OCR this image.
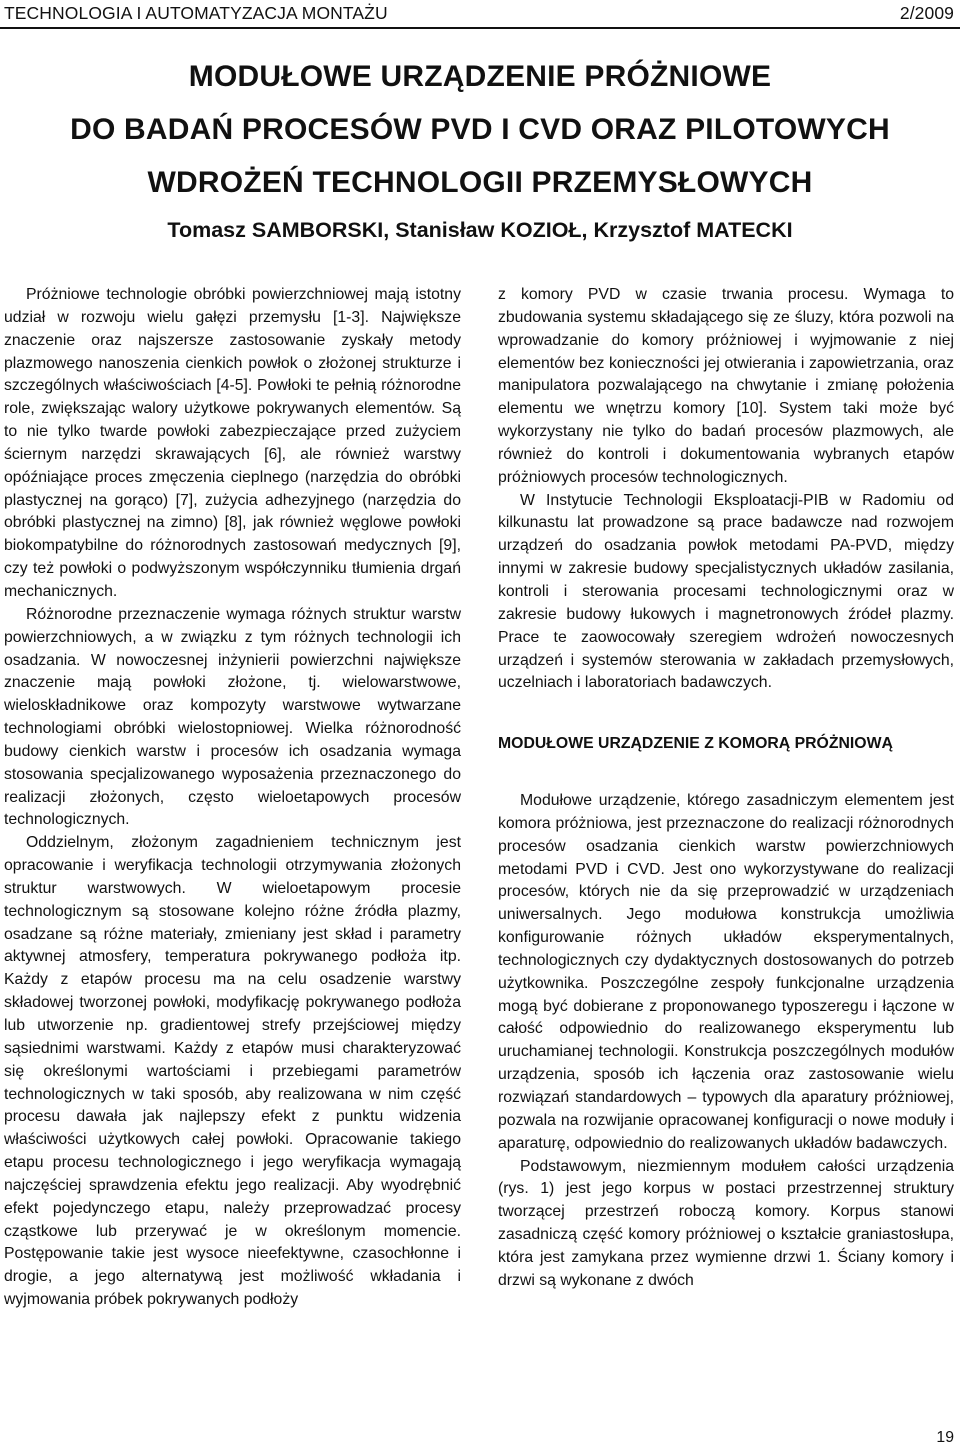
TECHNOLOGIA I AUTOMATYZACJA MONTAŻU	2/2009
MODUŁOWE URZĄDZENIE PRÓŻNIOWE
DO BADAŃ PROCESÓW PVD I CVD ORAZ PILOTOWYCH
WDROŻEŃ TECHNOLOGII PRZEMYSŁOWYCH
Tomasz SAMBORSKI, Stanisław KOZIOŁ, Krzysztof MATECKI

Próżniowe technologie obróbki powierzchniowej mają istotny udział w rozwoju wielu gałęzi przemysłu [1-3]. Największe znaczenie oraz najszersze zastosowanie zyskały metody plazmowego nanoszenia cienkich powłok o złożonej strukturze i szczególnych właściwościach [4-5]. Powłoki te pełnią różnorodne role, zwiększając walory użytkowe pokrywanych elementów. Są to nie tylko twarde powłoki zabezpieczające przed zużyciem ściernym narzędzi skrawających [6], ale również warstwy opóźniające proces zmęczenia cieplnego (narzędzia do obróbki plastycznej na gorąco) [7], zużycia adhezyjnego (narzędzia do obróbki plastycznej na zimno) [8], jak również węglowe powłoki biokompatybilne do różnorodnych zastosowań medycznych [9], czy też powłoki o podwyższonym współczynniku tłumienia drgań mechanicznych.

Różnorodne przeznaczenie wymaga różnych struktur warstw powierzchniowych, a w związku z tym różnych technologii ich osadzania. W nowoczesnej inżynierii powierzchni największe znaczenie mają powłoki złożone, tj. wielowarstwowe, wieloskładnikowe oraz kompozyty warstwowe wytwarzane technologiami obróbki wielostopniowej. Wielka różnorodność budowy cienkich warstw i procesów ich osadzania wymaga stosowania specjalizowanego wyposażenia przeznaczonego do realizacji złożonych, często wieloetapowych procesów technologicznych.

Oddzielnym, złożonym zagadnieniem technicznym jest opracowanie i weryfikacja technologii otrzymywania złożonych struktur warstwowych. W wieloetapowym procesie technologicznym są stosowane kolejno różne źródła plazmy, osadzane są różne materiały, zmieniany jest skład i parametry aktywnej atmosfery, temperatura pokrywanego podłoża itp. Każdy z etapów procesu ma na celu osadzenie warstwy składowej tworzonej powłoki, modyfikację pokrywanego podłoża lub utworzenie np. gradientowej strefy przejściowej między sąsiednimi warstwami. Każdy z etapów musi charakteryzować się określonymi wartościami i przebiegami parametrów technologicznych w taki sposób, aby realizowana w nim część procesu dawała jak najlepszy efekt z punktu widzenia właściwości użytkowych całej powłoki. Opracowanie takiego etapu procesu technologicznego i jego weryfikacja wymagają najczęściej sprawdzenia efektu jego realizacji. Aby wyodrębnić efekt pojedynczego etapu, należy przeprowadzać procesy cząstkowe lub przerywać je w określonym momencie. Postępowanie takie jest wysoce nieefektywne, czasochłonne i drogie, a jego alternatywą jest możliwość wkładania i wyjmowania próbek pokrywanych podłoży

z komory PVD w czasie trwania procesu. Wymaga to zbudowania systemu składającego się ze śluzy, która pozwoli na wprowadzanie do komory próżniowej i wyjmowanie z niej elementów bez konieczności jej otwierania i zapowietrzania, oraz manipulatora pozwalającego na chwytanie i zmianę położenia elementu we wnętrzu komory [10]. System taki może być wykorzystany nie tylko do badań procesów plazmowych, ale również do kontroli i dokumentowania wybranych etapów próżniowych procesów technologicznych.

W Instytucie Technologii Eksploatacji-PIB w Radomiu od kilkunastu lat prowadzone są prace badawcze nad rozwojem urządzeń do osadzania powłok metodami PA-PVD, między innymi w zakresie budowy specjalistycznych układów zasilania, kontroli i sterowania procesami technologicznymi oraz w zakresie budowy łukowych i magnetronowych źródeł plazmy. Prace te zaowocowały szeregiem wdrożeń nowoczesnych urządzeń i systemów sterowania w zakładach przemysłowych, uczelniach i laboratoriach badawczych.

MODUŁOWE URZĄDZENIE Z KOMORĄ PRÓŻNIOWĄ

Modułowe urządzenie, którego zasadniczym elementem jest komora próżniowa, jest przeznaczone do realizacji różnorodnych procesów osadzania cienkich warstw powierzchniowych metodami PVD i CVD. Jest ono wykorzystywane do realizacji procesów, których nie da się przeprowadzić w urządzeniach uniwersalnych. Jego modułowa konstrukcja umożliwia konfigurowanie różnych układów eksperymentalnych, technologicznych czy dydaktycznych dostosowanych do potrzeb użytkownika. Poszczególne zespoły funkcjonalne urządzenia mogą być dobierane z proponowanego typoszeregu i łączone w całość odpowiednio do realizowanego eksperymentu lub uruchamianej technologii. Konstrukcja poszczególnych modułów urządzenia, sposób ich łączenia oraz zastosowanie wielu rozwiązań standardowych – typowych dla aparatury próżniowej, pozwala na rozwijanie opracowanej konfiguracji o nowe moduły i aparaturę, odpowiednio do realizowanych układów badawczych.

Podstawowym, niezmiennym modułem całości urządzenia (rys. 1) jest jego korpus w postaci przestrzennej struktury tworzącej przestrzeń roboczą komory. Korpus stanowi zasadniczą część komory próżniowej o kształcie graniastosłupa, która jest zamykana przez wymienne drzwi 1. Ściany komory i drzwi są wykonane z dwóch

19
